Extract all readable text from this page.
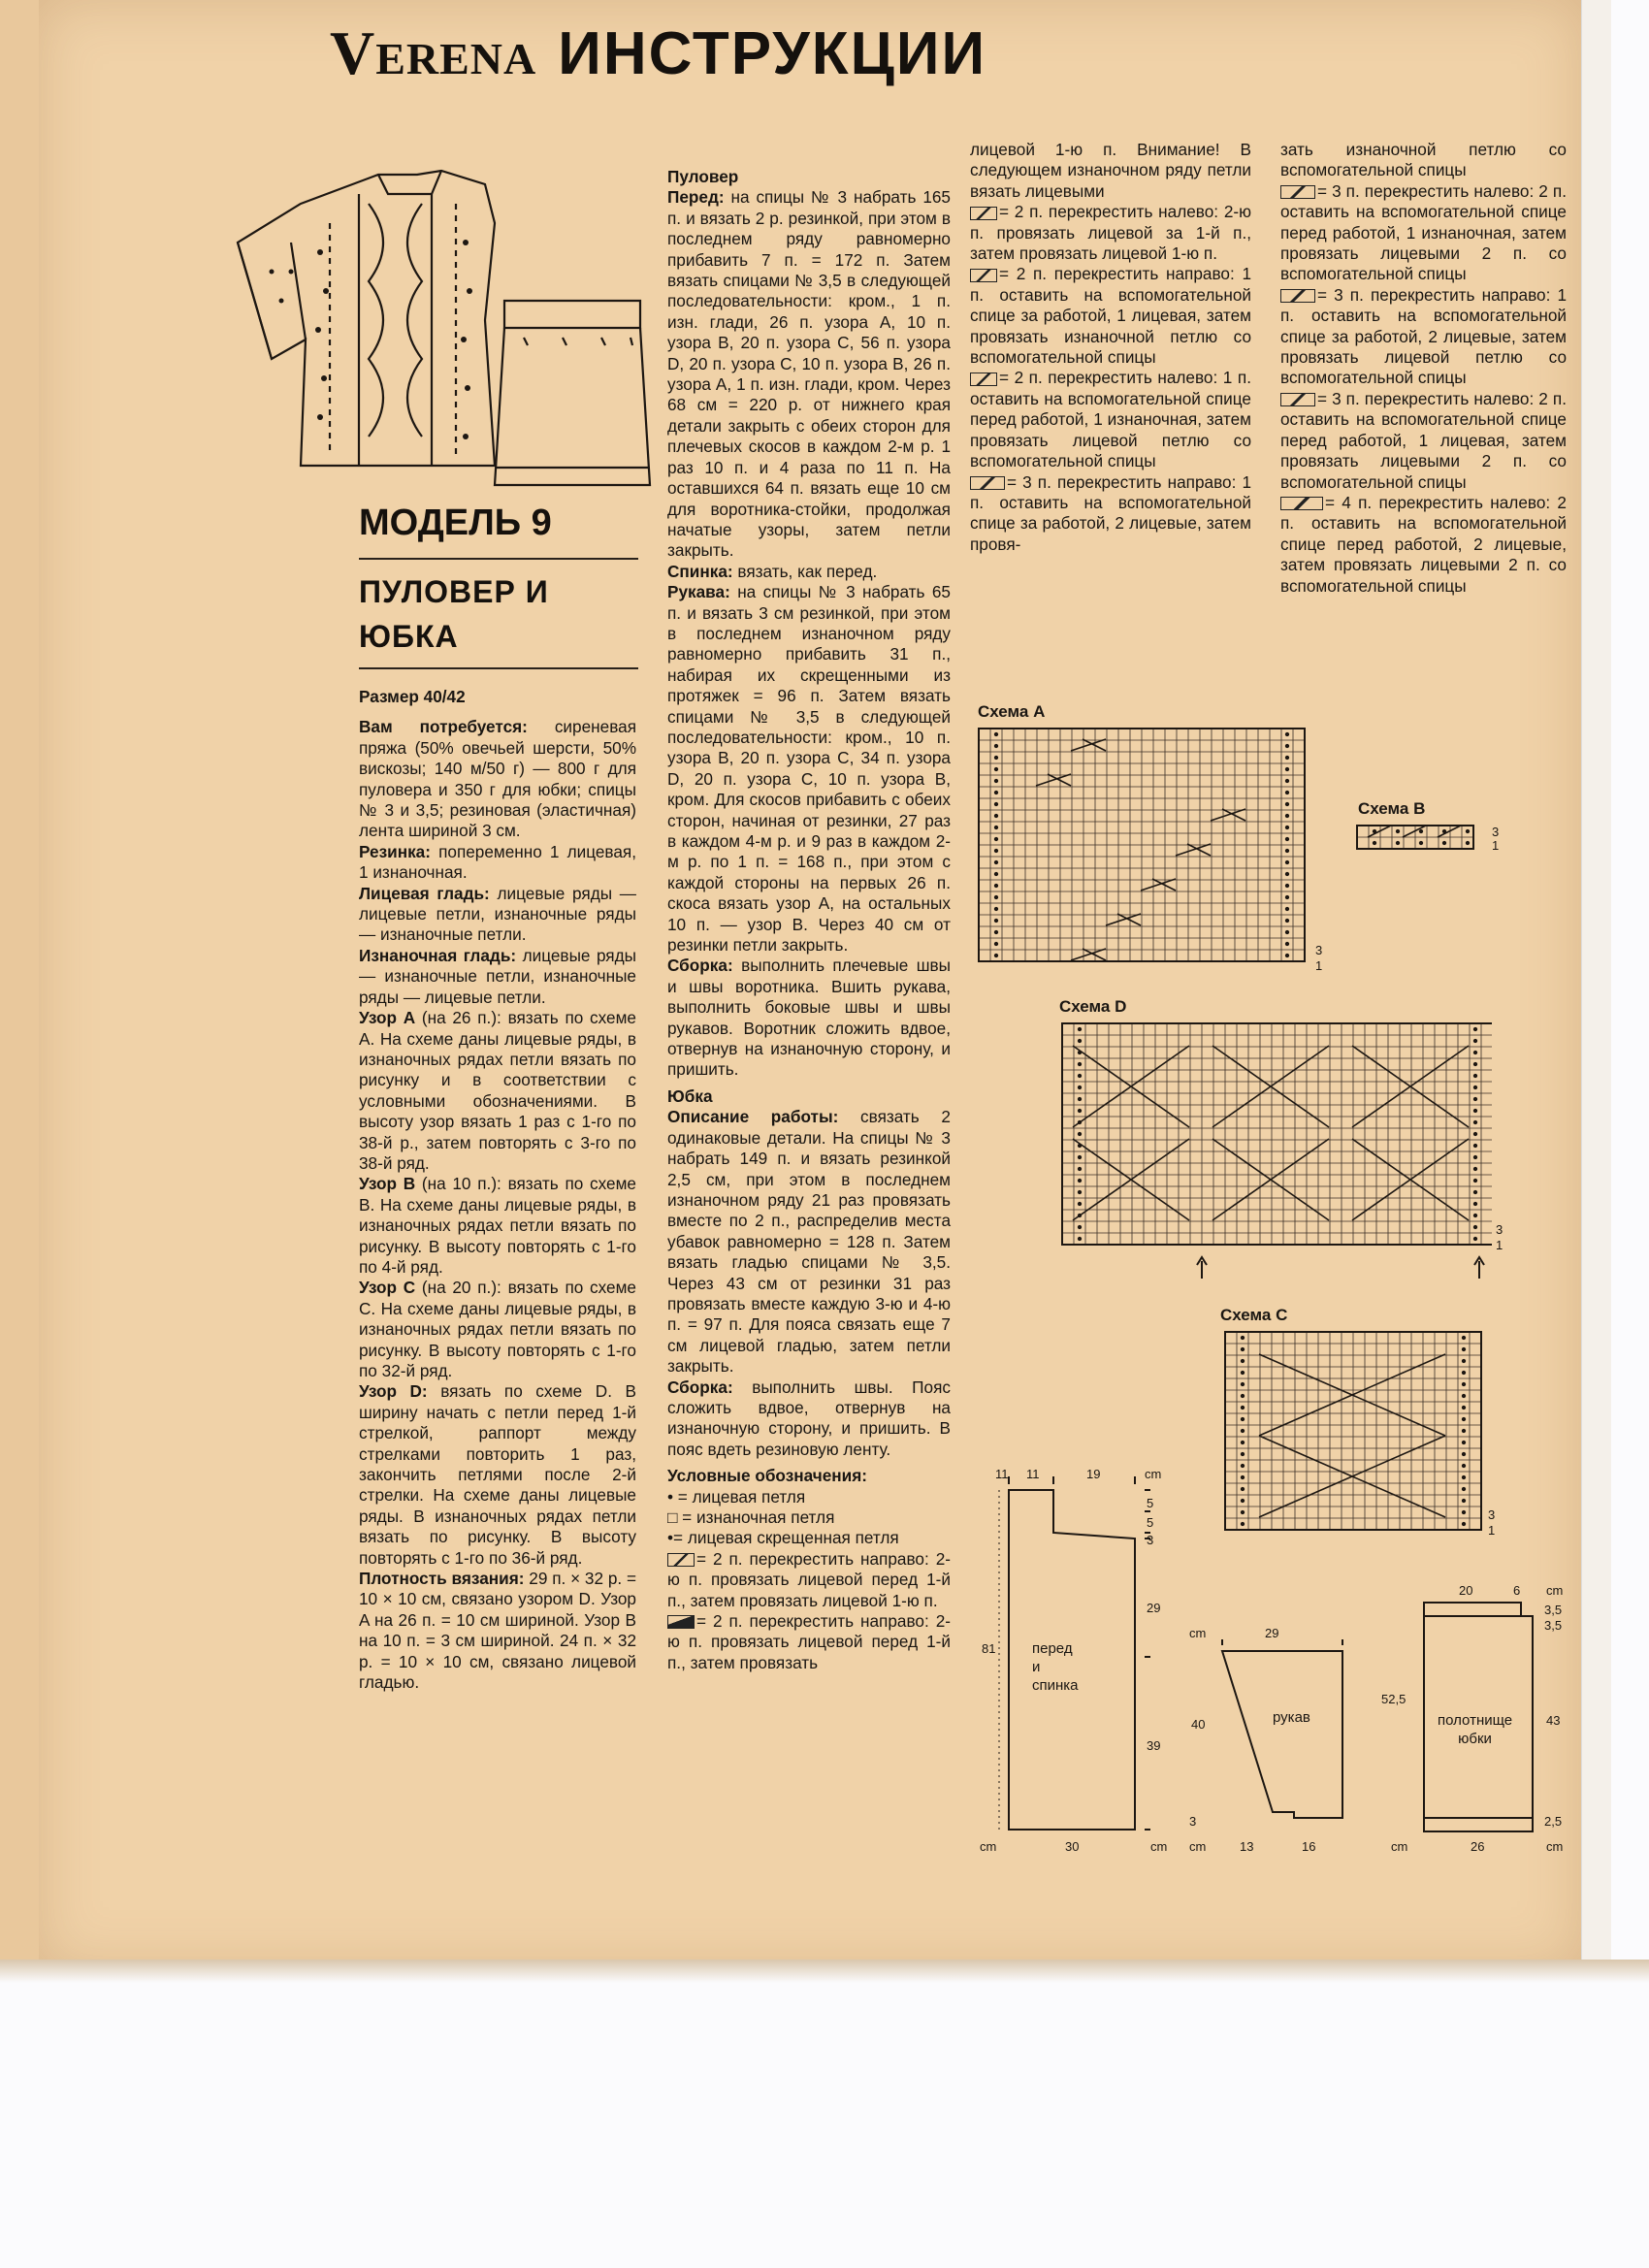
VERENA ИНСТРУКЦИИ
МОДЕЛЬ 9
ПУЛОВЕР И
ЮБКА

Размер 40/42

Вам потребуется: сиреневая пряжа (50% овечьей шерсти, 50% вискозы; 140 м/50 г) — 800 г для пуловера и 350 г для юбки; спицы № 3 и 3,5; резиновая (эластичная) лента шириной 3 см.

Резинка: попеременно 1 лицевая, 1 изнаночная.

Лицевая гладь: лицевые ряды — лицевые петли, изнаночные ряды — изнаночные петли.

Изнаночная гладь: лицевые ряды — изнаночные петли, изнаночные ряды — лицевые петли.

Узор A (на 26 п.): вязать по схеме A. На схеме даны лицевые ряды, в изнаночных рядах петли вязать по рисунку и в соответствии с условными обозначениями. В высоту узор вязать 1 раз с 1-го по 38-й р., затем повторять с 3-го по 38-й ряд.

Узор B (на 10 п.): вязать по схеме B. На схеме даны лицевые ряды, в изнаночных рядах петли вязать по рисунку. В высоту повторять с 1-го по 4-й ряд.

Узор C (на 20 п.): вязать по схеме C. На схеме даны лицевые ряды, в изнаночных рядах петли вязать по рисунку. В высоту повторять с 1-го по 32-й ряд.

Узор D: вязать по схеме D. В ширину начать с петли перед 1-й стрелкой, раппорт между стрелками повторить 1 раз, закончить петлями после 2-й стрелки. На схеме даны лицевые ряды. В изнаночных рядах петли вязать по рисунку. В высоту повторять с 1-го по 36-й ряд.

Плотность вязания: 29 п. × 32 р. = 10 × 10 см, связано узором D. Узор A на 26 п. = 10 см шириной. Узор B на 10 п. = 3 см шириной. 24 п. × 32 р. = 10 × 10 см, связано лицевой гладью.

Пуловер

Перед: на спицы № 3 набрать 165 п. и вязать 2 р. резинкой, при этом в последнем ряду равномерно прибавить 7 п. = 172 п. Затем вязать спицами № 3,5 в следующей последовательности: кром., 1 п. изн. глади, 26 п. узора A, 10 п. узора B, 20 п. узора C, 56 п. узора D, 20 п. узора C, 10 п. узора B, 26 п. узора A, 1 п. изн. глади, кром. Через 68 см = 220 р. от нижнего края детали закрыть с обеих сторон для плечевых скосов в каждом 2-м р. 1 раз 10 п. и 4 раза по 11 п. На оставшихся 64 п. вязать еще 10 см для воротника-стойки, продолжая начатые узоры, затем петли закрыть.

Спинка: вязать, как перед.

Рукава: на спицы № 3 набрать 65 п. и вязать 3 см резинкой, при этом в последнем изнаночном ряду равномерно прибавить 31 п., набирая их скрещенными из протяжек = 96 п. Затем вязать спицами № 3,5 в следующей последовательности: кром., 10 п. узора B, 20 п. узора C, 34 п. узора D, 20 п. узора C, 10 п. узора B, кром. Для скосов прибавить с обеих сторон, начиная от резинки, 27 раз в каждом 4-м р. и 9 раз в каждом 2-м р. по 1 п. = 168 п., при этом с каждой стороны на первых 26 п. скоса вязать узор A, на остальных 10 п. — узор B. Через 40 см от резинки петли закрыть.

Сборка: выполнить плечевые швы и швы воротника. Вшить рукава, выполнить боковые швы и швы рукавов. Воротник сложить вдвое, отвернув на изнаночную сторону, и пришить.

Юбка

Описание работы: связать 2 одинаковые детали. На спицы № 3 набрать 149 п. и вязать резинкой 2,5 см, при этом в последнем изнаночном ряду 21 раз провязать вместе по 2 п., распределив места убавок равномерно = 128 п. Затем вязать гладью спицами № 3,5. Через 43 см от резинки 31 раз провязать вместе каждую 3-ю и 4-ю п. = 97 п. Для пояса связать еще 7 см лицевой гладью, затем петли закрыть.

Сборка: выполнить швы. Пояс сложить вдвое, отвернув на изнаночную сторону, и пришить. В пояс вдеть резиновую ленту.

Условные обозначения:

• = лицевая петля

□ = изнаночная петля

•= лицевая скрещенная петля

= 2 п. перекрестить направо: 2-ю п. провязать лицевой перед 1-й п., затем провязать лицевой 1-ю п.

= 2 п. перекрестить направо: 2-ю п. провязать лицевой перед 1-й п., затем провязать

лицевой 1-ю п. Внимание! В следующем изнаночном ряду петли вязать лицевыми

= 2 п. перекрестить налево: 2-ю п. провязать лицевой за 1-й п., затем провязать лицевой 1-ю п.

= 2 п. перекрестить направо: 1 п. оставить на вспомогательной спице за работой, 1 лицевая, затем провязать изнаночной петлю со вспомогательной спицы

= 2 п. перекрестить налево: 1 п. оставить на вспомогательной спице перед работой, 1 изнаночная, затем провязать лицевой петлю со вспомогательной спицы

= 3 п. перекрестить направо: 1 п. оставить на вспомогательной спице за работой, 2 лицевые, затем провя-

зать изнаночной петлю со вспомогательной спицы

= 3 п. перекрестить налево: 2 п. оставить на вспомогательной спице перед работой, 1 изнаночная, затем провязать лицевыми 2 п. со вспомогательной спицы

= 3 п. перекрестить направо: 1 п. оставить на вспомогательной спице за работой, 2 лицевые, затем провязать лицевой петлю со вспомогательной спицы

= 3 п. перекрестить налево: 2 п. оставить на вспомогательной спице перед работой, 1 лицевая, затем провязать лицевыми 2 п. со вспомогательной спицы

= 4 п. перекрестить налево: 2 п. оставить на вспомогательной спице перед работой, 2 лицевые, затем провязать лицевыми 2 п. со вспомогательной спицы

Схема A
Схема B
Схема D
Схема C
3
1
3
1
3
1
3
1
11 11	19	cm
5
5
3
29
81
39
30
cm	cm
перед
и
спинка
cm	29
40
3
cm	13	16
рукав
20	6 cm
3,5
3,5
52,5
43
2,5
cm	26	cm
полотнище
юбки
